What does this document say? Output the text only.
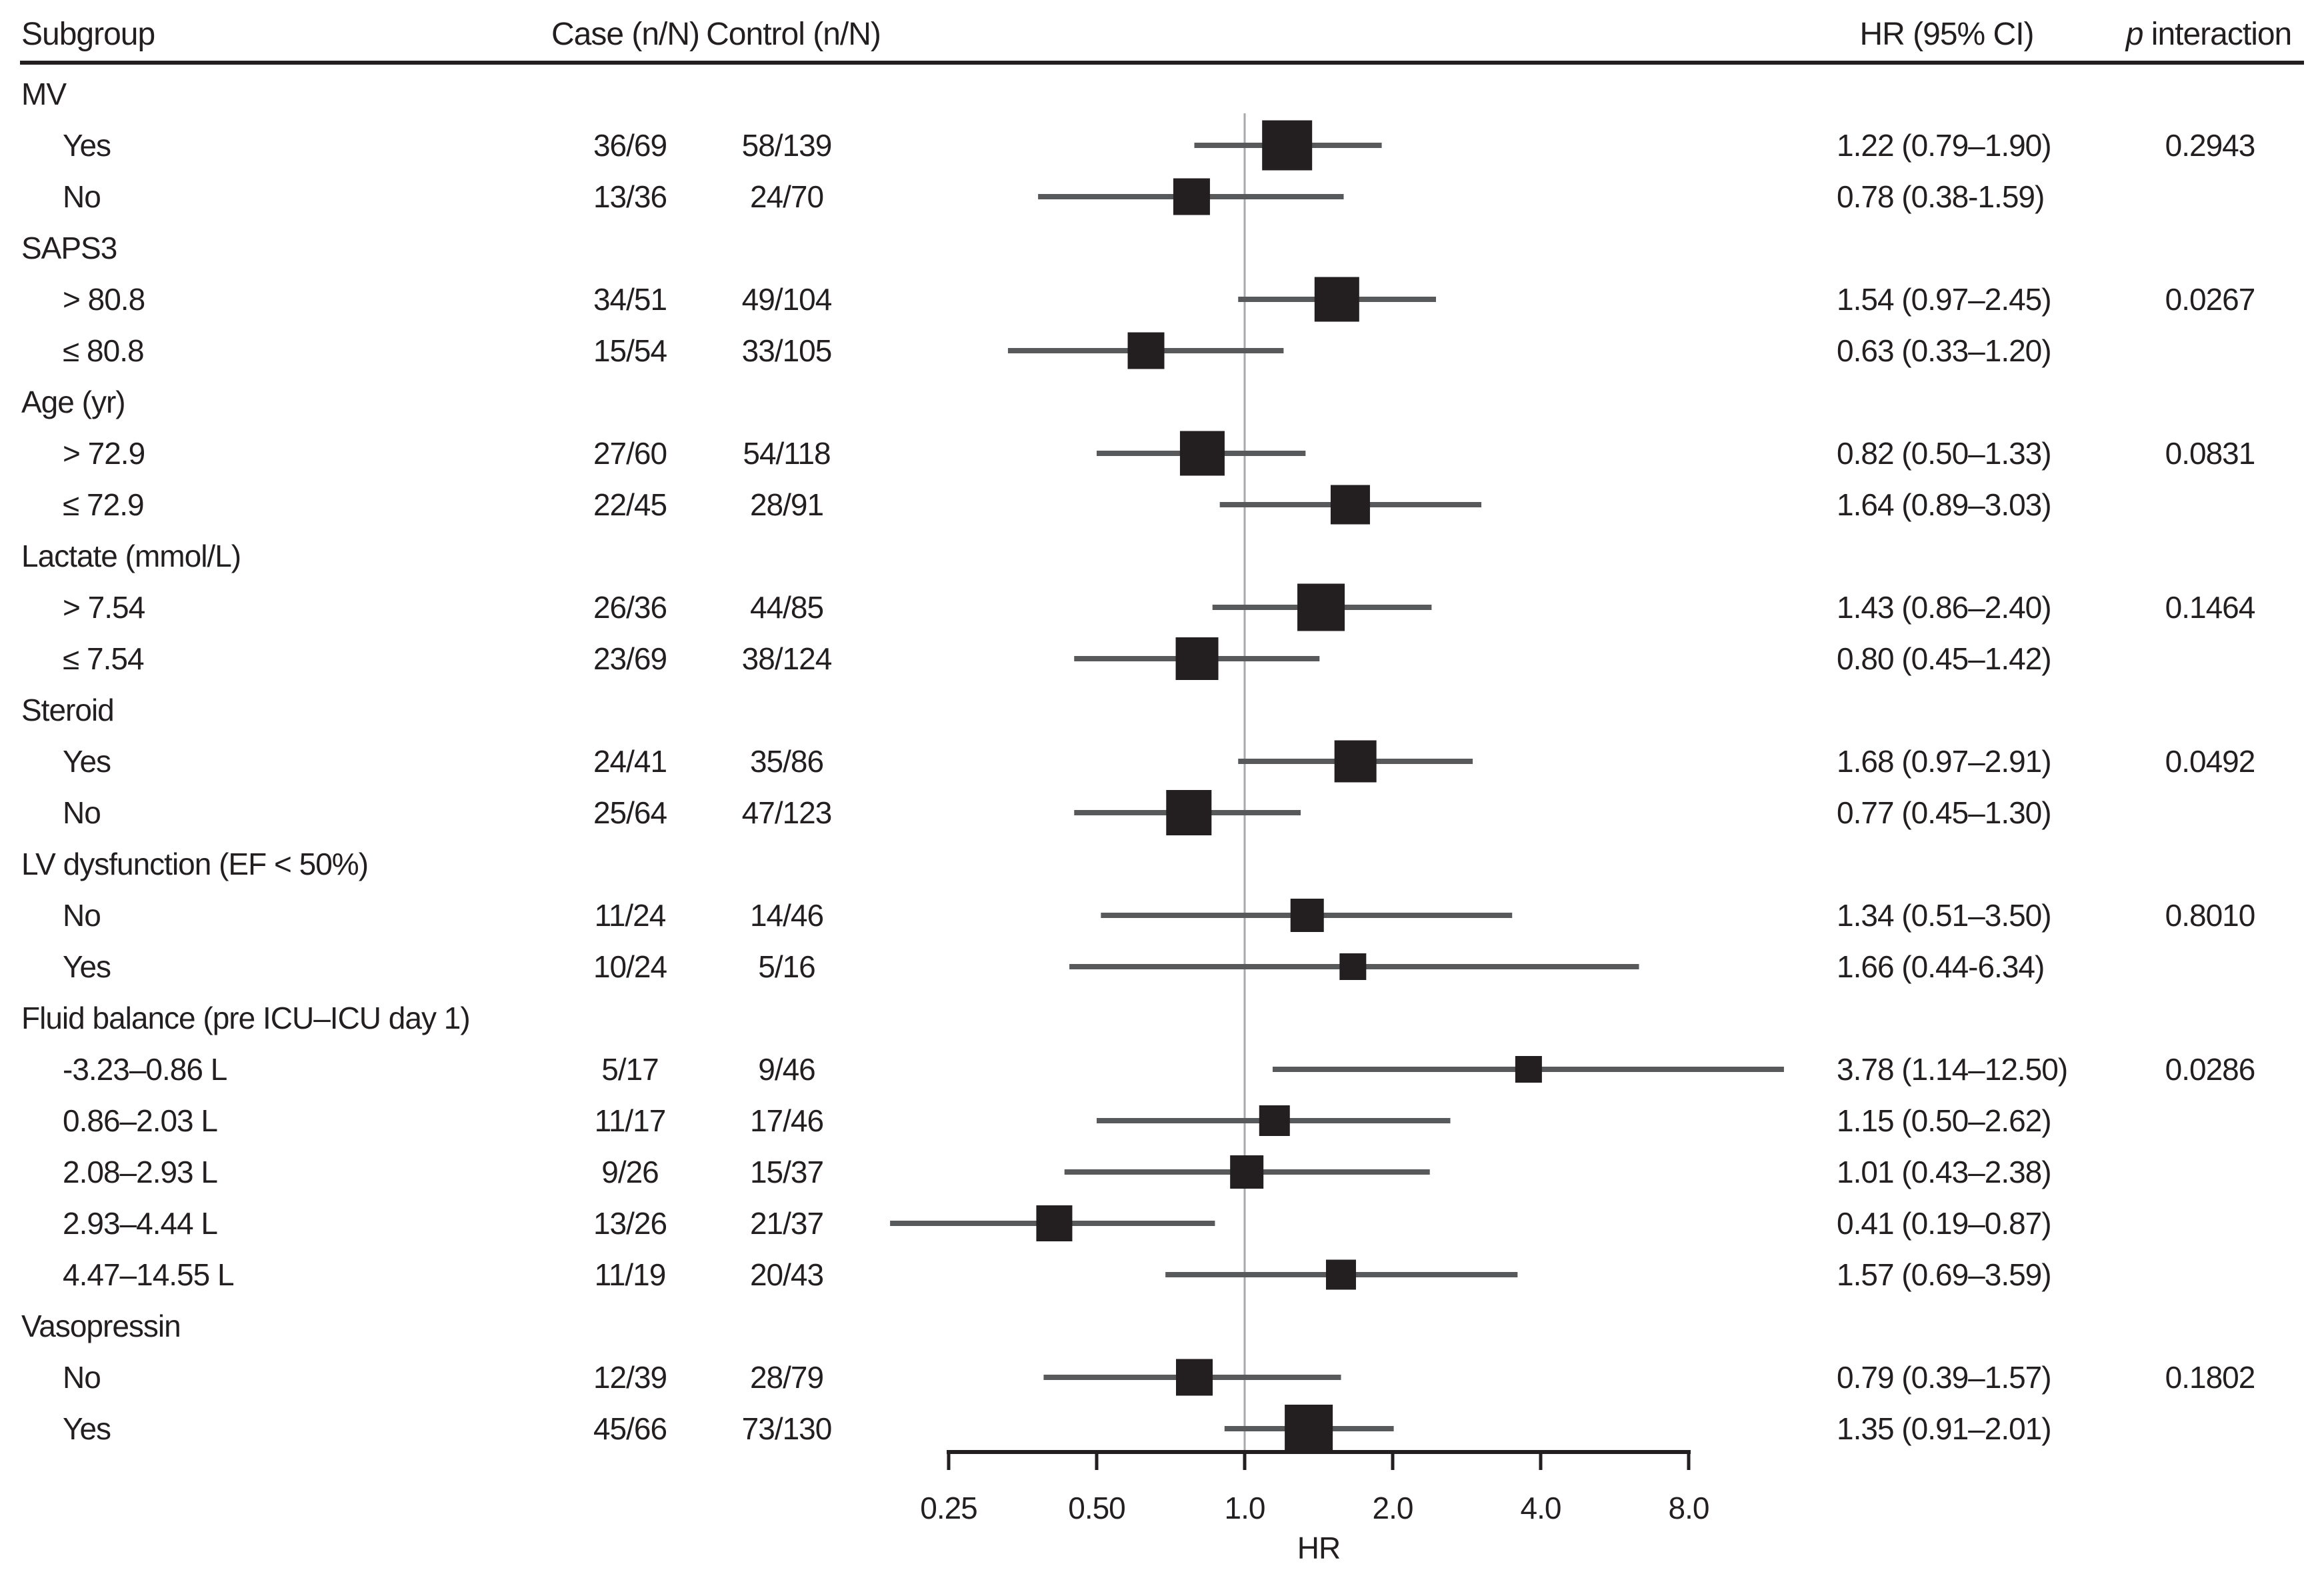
Subgroup	Case (n/N) Control (n/N)	HR (95% CI)	p interaction
MV
Yes	36/69 58/139	1.22 (0.79–1.90)	0.2943
No	13/36	24/70	0.78 (0.38-1.59)
SAPS3
> 80.8	34/51 49/104	1.54 (0.97–2.45)	0.0267
≤ 80.8	15/54 33/105	0.63 (0.33–1.20)
Age (yr)
> 72.9	27/60 54/118	0.82 (0.50–1.33)	0.0831
≤ 72.9	22/45	28/91	1.64 (0.89–3.03)
Lactate (mmol/L)
> 7.54	26/36	44/85	1.43 (0.86–2.40)	0.1464
≤ 7.54	23/69 38/124	0.80 (0.45–1.42)
Steroid
Yes	24/41	35/86	1.68 (0.97–2.91)	0.0492
No	25/64 47/123	0.77 (0.45–1.30)
LV dysfunction (EF < 50%)
No	11/24	14/46	1.34 (0.51–3.50)	0.8010
Yes	10/24	5/16	1.66 (0.44-6.34)
Fluid balance (pre ICU–ICU day 1)
-3.23–0.86 L	5/17	9/46	3.78 (1.14–12.50)	0.0286
0.86–2.03 L	11/17	17/46	1.15 (0.50–2.62)
2.08–2.93 L	9/26	15/37	1.01 (0.43–2.38)
2.93–4.44 L	13/26	21/37	0.41 (0.19–0.87)
4.47–14.55 L	11/19	20/43	1.57 (0.69–3.59)
Vasopressin
No	12/39	28/79	0.79 (0.39–1.57)	0.1802
Yes	45/66 73/130	1.35 (0.91–2.01)
0.25	0.50	1.0	2.0	4.0	8.0
HR
